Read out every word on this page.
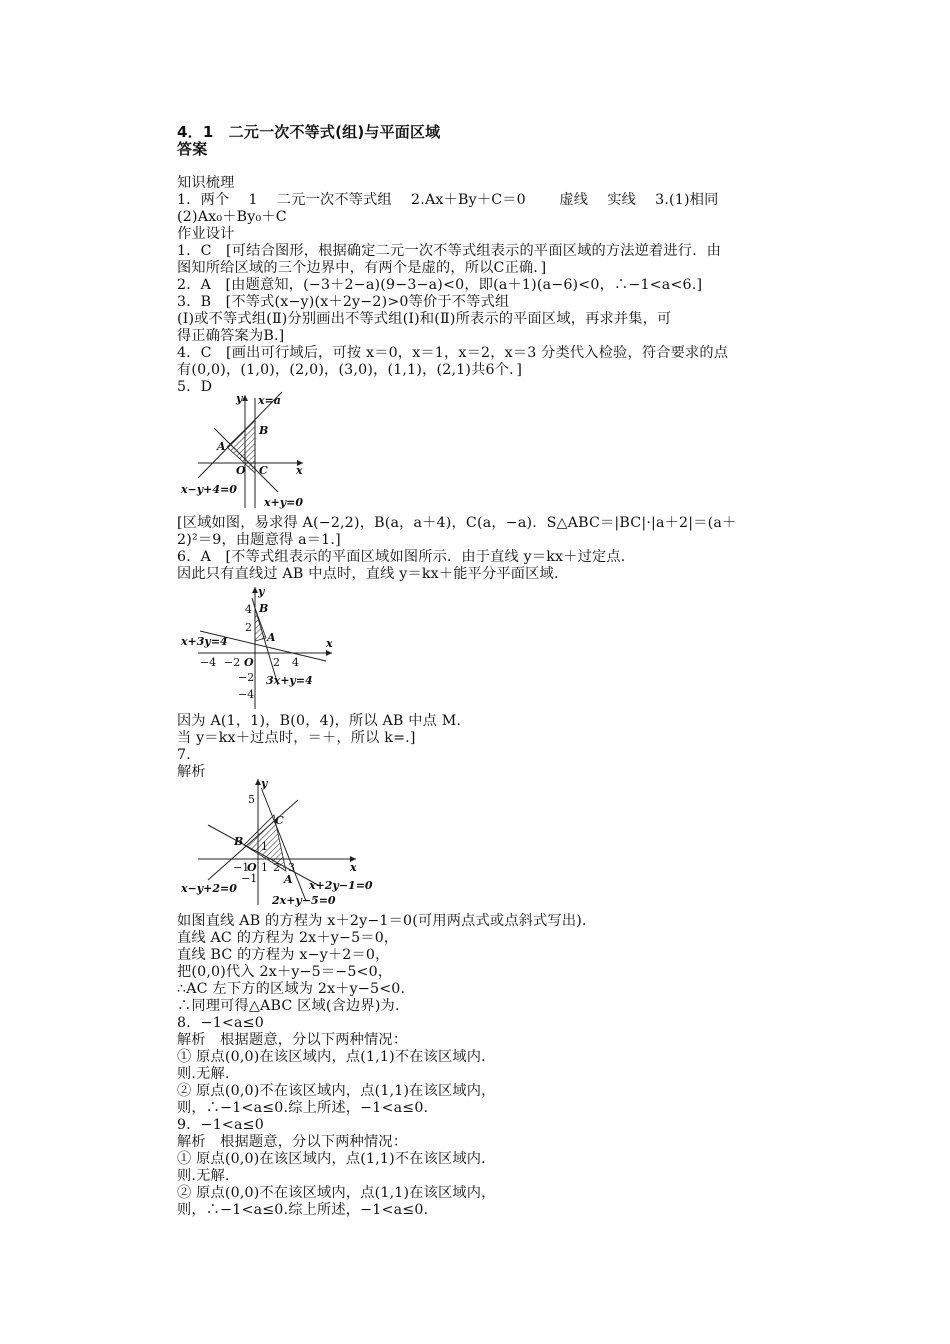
4．1　二元一次不等式(组)与平面区域
答案
知识梳理
1．两个　 1　 二元一次不等式组　 2.Ax＋By＋C＝0　　 虚线　 实线　 3.(1)相同
(2)Ax₀＋By₀＋C
作业设计
1．C　[可结合图形，根据确定二元一次不等式组表示的平面区域的方法逆着进行．由
图知所给区域的三个边界中，有两个是虚的，所以C正确．]
2．A　[由题意知，(−3＋2−a)(9−3−a)<0，即(a＋1)(a−6)<0，∴−1<a<6.]
3．B　[不等式(x−y)(x＋2y−2)>0等价于不等式组
(Ⅰ)或不等式组(Ⅱ)分别画出不等式组(Ⅰ)和(Ⅱ)所表示的平面区域，再求并集，可
得正确答案为B.]
4．C　[画出可行域后，可按 x＝0，x＝1，x＝2，x＝3 分类代入检验，符合要求的点
有(0,0)，(1,0)，(2,0)，(3,0)，(1,1)，(2,1)共6个．]
5．D
y
x
x=a
A
B
O C
x−y+4=0
x+y=0
[区域如图，易求得 A(−2,2)，B(a，a＋4)，C(a，−a)．S△ABC＝|BC|·|a＋2|＝(a＋
2)²＝9，由题意得 a＝1.]
6．A　[不等式组表示的平面区域如图所示．由于直线 y＝kx＋过定点.
因此只有直线过 AB 中点时，直线 y＝kx＋能平分平面区域.
y
x
4 B
2
A
x+3y=4
−4 −2 O 2 4
−2 3x+y=4
−4
因为 A(1，1)，B(0，4)，所以 AB 中点 M.
当 y＝kx＋过点时，＝＋，所以 k=.]
7.
解析
y
x
5
C
B 1
−1
O 1 2 3
−1 A
x−y+2=0	x+2y−1=0
2x+y−5=0
如图直线 AB 的方程为 x＋2y−1＝0(可用两点式或点斜式写出)．
直线 AC 的方程为 2x＋y−5＝0，
直线 BC 的方程为 x−y＋2＝0，
把(0,0)代入 2x＋y−5＝−5<0，
∴AC 左下方的区域为 2x＋y−5<0.
∴同理可得△ABC 区域(含边界)为.
8．−1<a≤0
解析　根据题意，分以下两种情况：
① 原点(0,0)在该区域内，点(1,1)不在该区域内．
则.无解.
② 原点(0,0)不在该区域内，点(1,1)在该区域内，
则，∴−1<a≤0.综上所述，−1<a≤0.
9．−1<a≤0
解析　根据题意，分以下两种情况：
① 原点(0,0)在该区域内，点(1,1)不在该区域内．
则.无解.
② 原点(0,0)不在该区域内，点(1,1)在该区域内，
则，∴−1<a≤0.综上所述，−1<a≤0.
